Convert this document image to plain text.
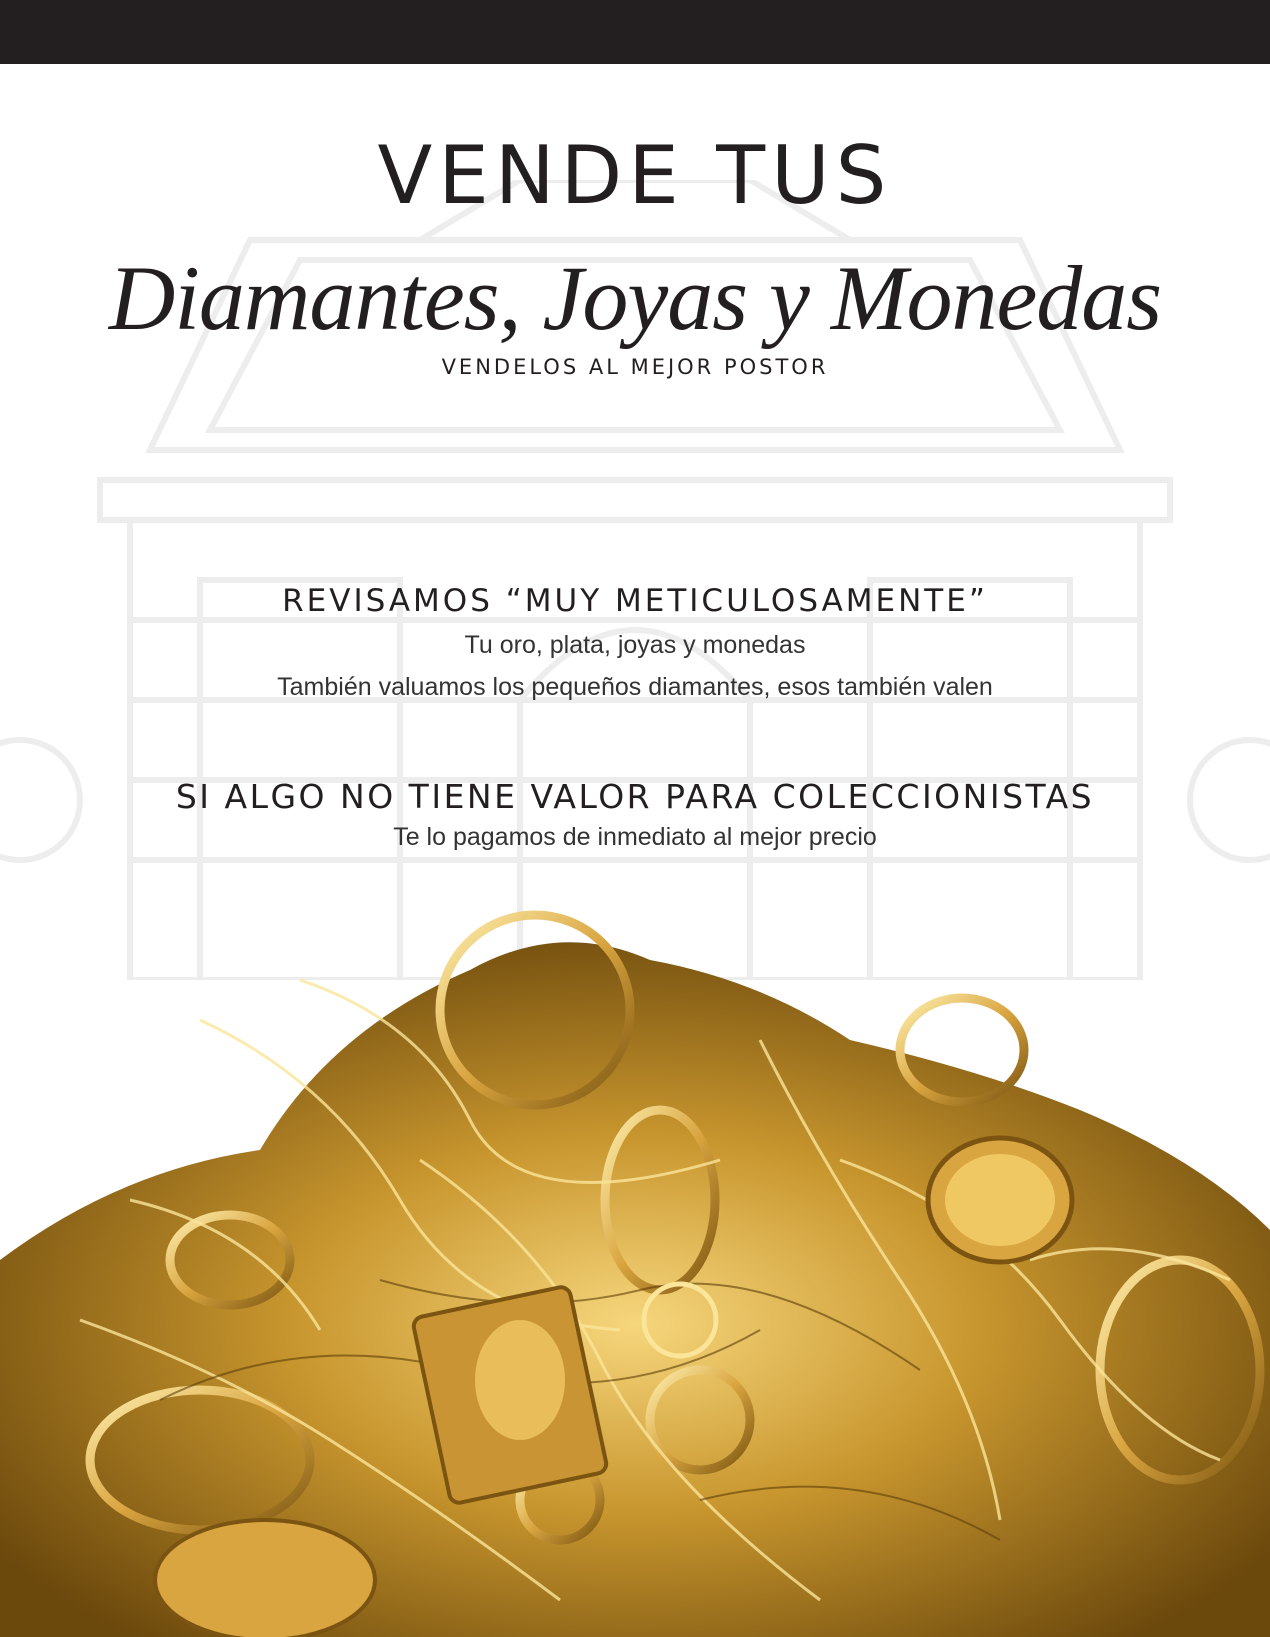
VENDE TUS
Diamantes, Joyas y Monedas
VENDELOS AL MEJOR POSTOR
REVISAMOS “MUY METICULOSAMENTE”
Tu oro, plata, joyas y monedas
También valuamos los pequeños diamantes, esos también valen
SI ALGO NO TIENE VALOR PARA COLECCIONISTAS
Te lo pagamos de inmediato al mejor precio
